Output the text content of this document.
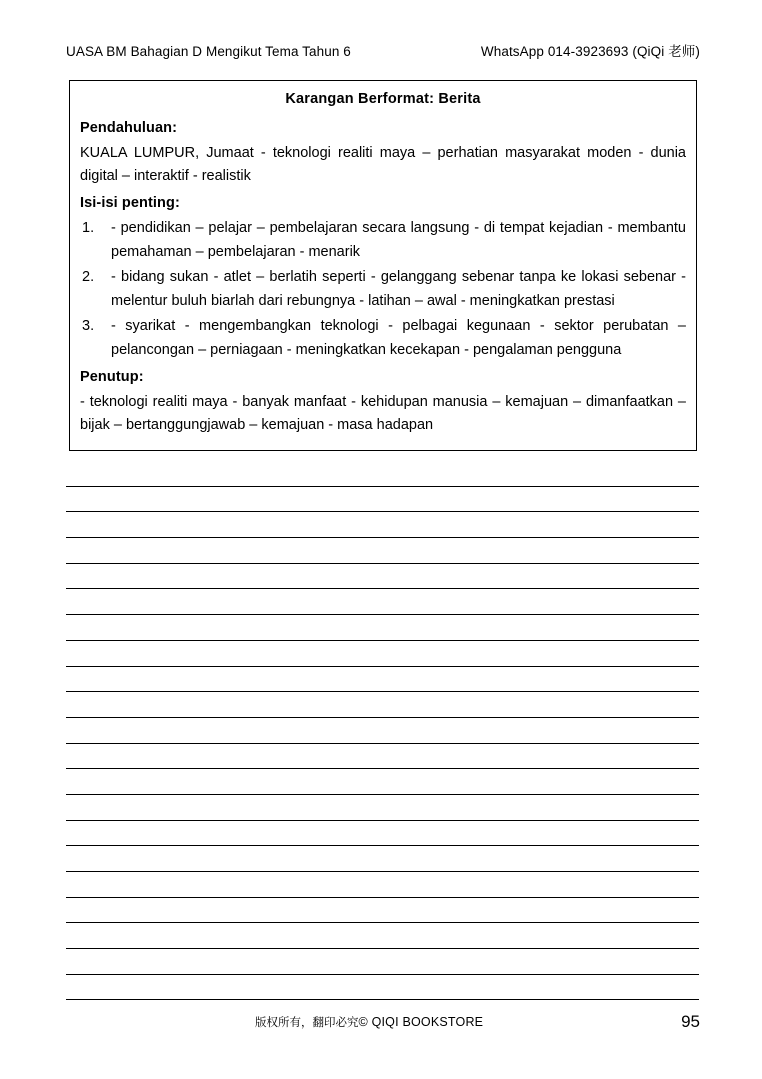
UASA BM Bahagian D Mengikut Tema Tahun 6	WhatsApp 014-3923693 (QiQi 老师)
Karangan Berformat: Berita
Pendahuluan:
KUALA LUMPUR, Jumaat - teknologi realiti maya – perhatian masyarakat moden - dunia digital – interaktif - realistik
Isi-isi penting:
1.	- pendidikan – pelajar – pembelajaran secara langsung - di tempat kejadian - membantu pemahaman – pembelajaran - menarik
2.	- bidang sukan - atlet – berlatih seperti - gelanggang sebenar tanpa ke lokasi sebenar - melentur buluh biarlah dari rebungnya - latihan – awal - meningkatkan prestasi
3.	- syarikat - mengembangkan teknologi - pelbagai kegunaan - sektor perubatan – pelancongan – perniagaan - meningkatkan kecekapan - pengalaman pengguna
Penutup:
- teknologi realiti maya - banyak manfaat - kehidupan manusia – kemajuan – dimanfaatkan – bijak – bertanggungjawab – kemajuan - masa hadapan
版权所有，翻印必究© QIQI BOOKSTORE	95
